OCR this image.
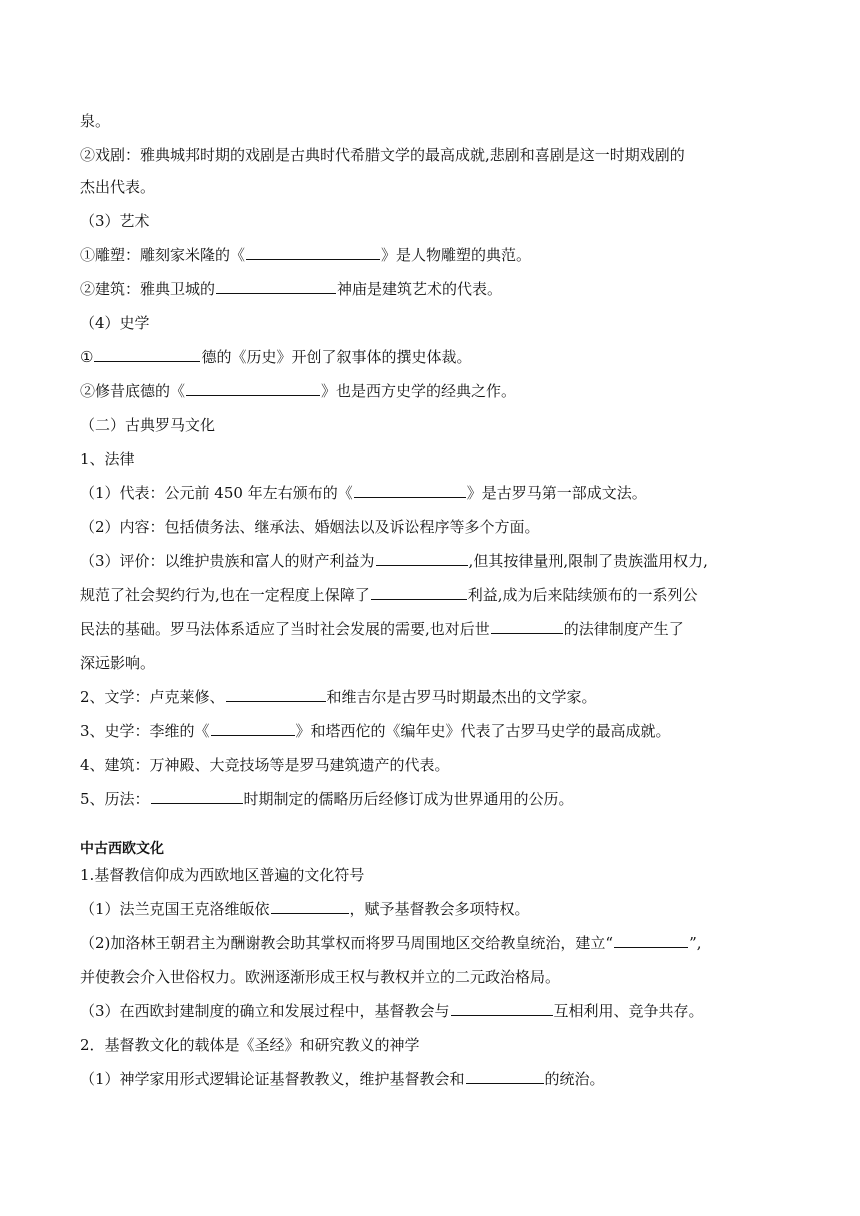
泉。
②戏剧：雅典城邦时期的戏剧是古典时代希腊文学的最高成就,悲剧和喜剧是这一时期戏剧的
杰出代表。
（3）艺术
①雕塑：雕刻家米隆的《	》是人物雕塑的典范。
②建筑：雅典卫城的	神庙是建筑艺术的代表。
（4）史学
①	德的《历史》开创了叙事体的撰史体裁。
②修昔底德的《	》也是西方史学的经典之作。
（二）古典罗马文化
1、法律
（1）代表：公元前 450 年左右颁布的《	》是古罗马第一部成文法。
（2）内容：包括债务法、继承法、婚姻法以及诉讼程序等多个方面。
（3）评价：以维护贵族和富人的财产利益为	,但其按律量刑,限制了贵族滥用权力,
规范了社会契约行为,也在一定程度上保障了	利益,成为后来陆续颁布的一系列公
民法的基础。罗马法体系适应了当时社会发展的需要,也对后世	的法律制度产生了
深远影响。
2、文学：卢克莱修、	和维吉尔是古罗马时期最杰出的文学家。
3、史学：李维的《	》和塔西佗的《编年史》代表了古罗马史学的最高成就。
4、建筑：万神殿、大竞技场等是罗马建筑遗产的代表。
5、历法：	时期制定的儒略历后经修订成为世界通用的公历。
中古西欧文化
1.基督教信仰成为西欧地区普遍的文化符号
（1）法兰克国王克洛维皈依	，赋予基督教会多项特权。
（2)加洛林王朝君主为酬谢教会助其掌权而将罗马周围地区交给教皇统治，建立“	”,
并使教会介入世俗权力。欧洲逐渐形成王权与教权并立的二元政治格局。
（3）在西欧封建制度的确立和发展过程中，基督教会与	互相利用、竞争共存。
2．基督教文化的载体是《圣经》和研究教义的神学
（1）神学家用形式逻辑论证基督教教义，维护基督教会和	的统治。
